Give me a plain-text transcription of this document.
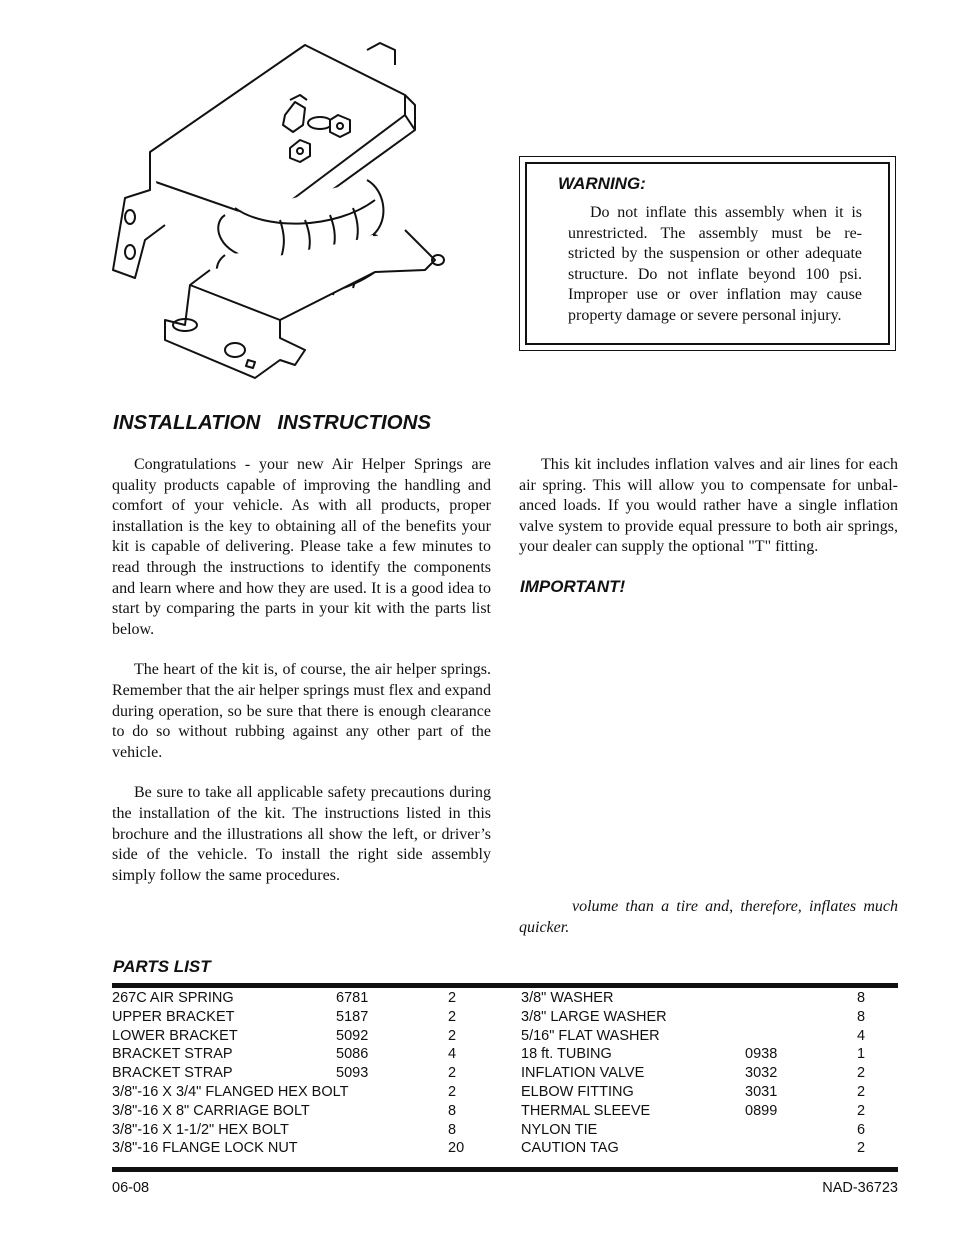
WARNING:
Do not inflate this assembly when it is unrestricted. The assembly must be re-stricted by the suspension or other adequate structure. Do not inflate beyond 100 psi. Improper use or over inflation may cause property damage or severe personal injury.
INSTALLATION   INSTRUCTIONS

Congratulations - your new Air Helper Springs are quality products capable of improving the handling and comfort of your vehicle. As with all products, proper installation is the key to obtaining all of the benefits your kit is capable of delivering. Please take a few minutes to read through the instructions to identify the components and learn where and how they are used. It is a good idea to start by comparing the parts in your kit with the parts list below.

The heart of the kit is, of course, the air helper springs. Remember that the air helper springs must flex and expand during operation, so be sure that there is enough clearance to do so without rubbing against any other part of the vehicle.

Be sure to take all applicable safety precautions during the installation of the kit. The instructions listed in this brochure and the illustrations all show the left, or driver’s side of the vehicle. To install the right side assembly simply follow the same procedures.

This kit includes inflation valves and air lines for each air spring. This will allow you to compensate for unbal-anced loads. If you would rather have a single inflation valve system to provide equal pressure to both air springs, your dealer can supply the optional "T" fitting.

IMPORTANT!
volume than a tire and, therefore, inflates much quicker.
PARTS LIST
267C AIR SPRING	6781	2
UPPER BRACKET	5187	2
LOWER BRACKET	5092	2
BRACKET STRAP	5086	4
BRACKET STRAP	5093	2
3/8"-16 X 3/4" FLANGED HEX BOLT	2
3/8"-16 X 8" CARRIAGE BOLT	8
3/8"-16 X 1-1/2" HEX BOLT	8
3/8"-16 FLANGE LOCK NUT	20
3/8" WASHER	8
3/8" LARGE WASHER	8
5/16" FLAT WASHER	4
18 ft. TUBING	0938	1
INFLATION VALVE	3032	2
ELBOW FITTING	3031	2
THERMAL SLEEVE	0899	2
NYLON TIE	6
CAUTION TAG	2
06-08	NAD-36723
